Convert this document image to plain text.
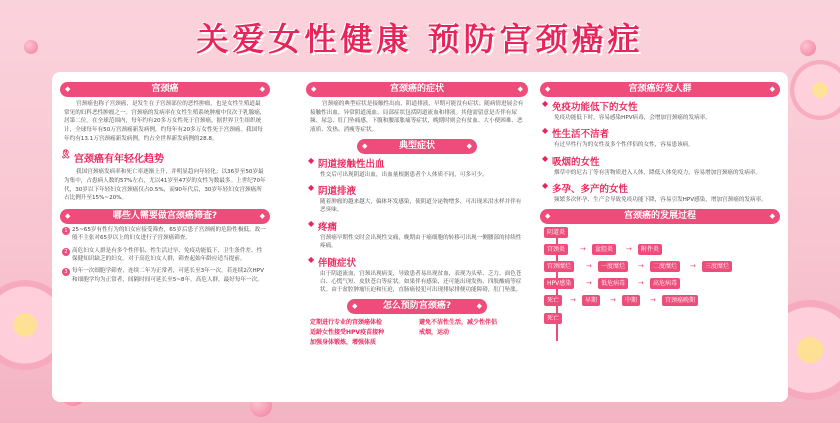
关爱女性健康 预防宫颈癌症
◆ 宫颈癌 ◆

宫颈癌也称子宫颈癌，是发生在子宫颈部位的恶性肿瘤，也是女性生殖道最常见的妇科恶性肿瘤之一。宫颈癌的发病率在女性生殖系统肿瘤中仅次于乳腺癌，居第二位。在全球范围内，每年约有20多万女性死于宫颈癌，据世界卫生组织统计，全球每年有50万宫颈癌新发病例，约每年有20多万女性死于宫颈癌。我国每年约有13.1万宫颈癌新发病例，约占全世界新发病例的28.8。

🎗 宫颈癌有年轻化趋势

我国宫颈癌发病率和死亡率逐渐上升，并明显趋向年轻化；以36岁至50岁最为集中，占患病人数的57%左右，尤以41岁至47岁的女性为数最多。上世纪70年代，30岁以下年轻妇女宫颈癌仅占0.5%，而90年代后，30岁年轻妇女宫颈癌所占比例升至15%~20%。

◆ 哪些人需要做宫颈癌筛查? ◆
1 25~65岁有性行为的妇女应接受筛查，65岁后患子宫颈癌的危险性极低，故一般不主张对65岁以上的妇女进行子宫颈癌筛查。
2 高危妇女人群是有多个性伴侣、性生活过早、免疫功能低下、卫生条件差、性保健知识缺乏的妇女。对于高危妇女人群，筛查起始年龄应适当提前。
3 每年一次细胞学筛查，连续二年为正常者，可延长至3年一次。若连续2次HPV和细胞学均为正常者，间隔时间可延长至5~8年。高危人群，最好每年一次。
◆ 宫颈癌的症状 ◆

宫颈癌的典型症状是接触性出血，阴道排液，早期可能没有症状；随病情进展会有接触性出血，异常阴道流血，局部症状包括阴道流血和排液。其他需留意是否伴有尿频、尿急、肛门坠痛感，下腹和腰部胀痛等症状，晚期时则会有贫血、大小便困难、恶液质、发热、消瘦等症状。

◆ 典型症状 ◆
◆ 阴道接触性出血

性交后可出现阴道出血，出血量根据患者个人体质不同，可多可少。

◆ 阴道排液

随着肿瘤的越来越大，偏体坏发感染，使阴道分泌物增多，可出现米泔水样并伴有恶臭味。

◆ 疼痛

宫颈癌早期性交时会出现性交痛，晚期由于癌细胞的转移可出现一侧腰部的持续性疼痛。

◆ 伴随症状

由于阴道流血，宫颈出现病变，导致患者易出现贫血，表现为头晕、乏力、面色苍白、心慌气短、皮肤苍白等症状。如果伴有感染，还可能出现发热、四肢酸痛等症状。由于盆腔肿瘤压迫和压迫，直肠癌侵犯可出现排尿排便功能障碍，肛门坠胀。

◆ 怎么预防宫颈癌? ◆
定期进行专业的宫颈癌体检	避免不洁性生活，减少性伴侣
适龄女性接受HPV疫苗接种	戒烟，运动
加强身体锻炼，增强体质
◆ 宫颈癌好发人群 ◆
◆ 免疫功能低下的女性

免疫功能低下时，容易感染HPV病毒，会增加宫颈癌的发病率。

◆ 性生活不洁者

有过早性行为的女性及多个性伴侣的女性，容易患该病。

◆ 吸烟的女性

烟草中的尼古丁等有害物质进入人体，降低人体免疫力，容易增加宫颈癌的发病率。

◆ 多孕、多产的女性

频繁多次怀孕、生产会导致免疫功能下降，容易引发HPV感染，增加宫颈癌的发病率。

◆ 宫颈癌的发展过程 ◆
阴道炎
宫颈炎	→	盆腔炎	→	附件炎
宫颈糜烂	→	一度糜烂	→	二度糜烂	→	三度糜烂
HPV感染	→	低危病毒	→	高危病毒
死亡	→	早期	→	中期	→	宫颈癌晚期
死亡
